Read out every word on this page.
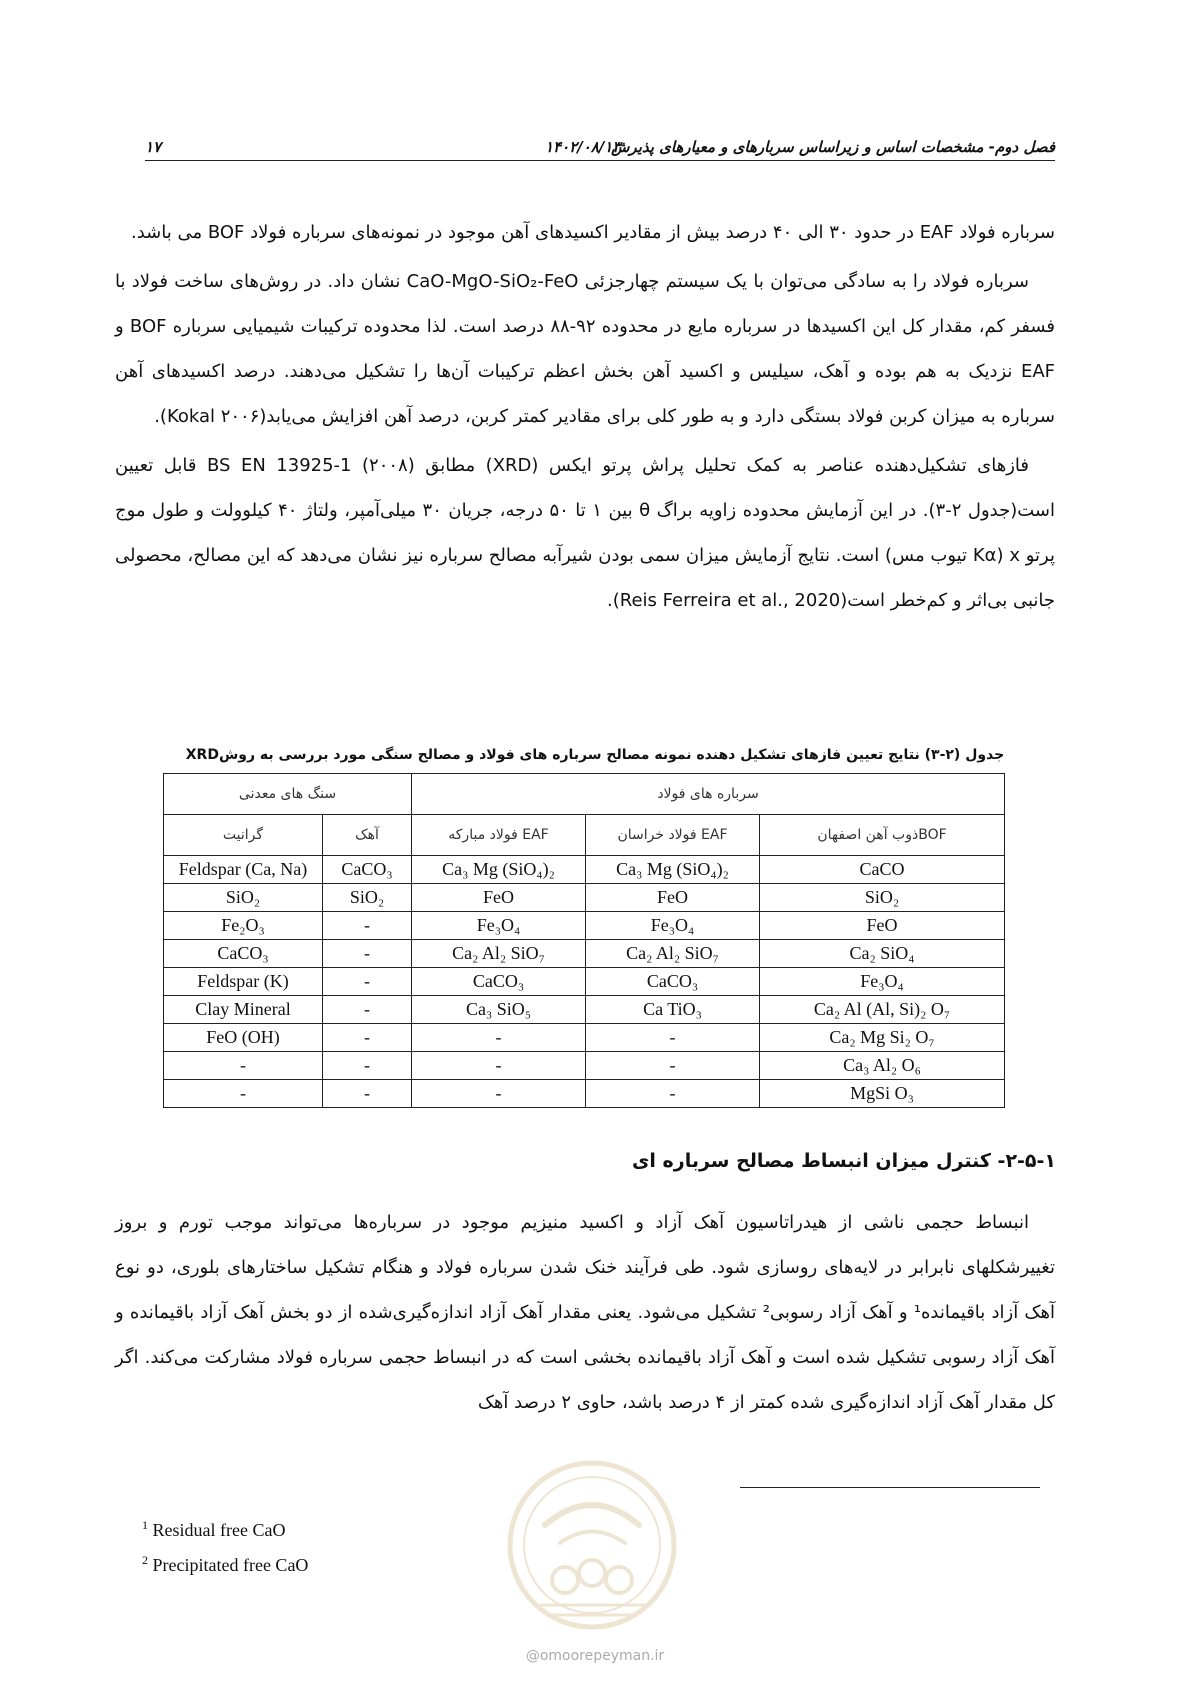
فصل دوم- مشخصات اساس و زیراساس سربارهای و معیارهای پذیرش
۱۴۰۲/۰۸/۱۳
۱۷

سرباره فولاد EAF در حدود ۳۰ الی ۴۰ درصد بیش از مقادیر اکسیدهای آهن موجود در نمونه‌های سرباره فولاد BOF می باشد.

سرباره فولاد را به سادگی می‌توان با یک سیستم چهارجزئی CaO-MgO-SiO₂-FeO نشان داد. در روش‌های ساخت فولاد با فسفر کم، مقدار کل این اکسیدها در سرباره مایع در محدوده ۹۲-۸۸ درصد است. لذا محدوده ترکیبات شیمیایی سرباره BOF و EAF نزدیک به هم بوده و آهک، سیلیس و اکسید آهن بخش اعظم ترکیبات آن‌ها را تشکیل می‌دهند. درصد اکسیدهای آهن سرباره به میزان کربن فولاد بستگی دارد و به طور کلی برای مقادیر کمتر کربن، درصد آهن افزایش می‌یابد(Kokal ۲۰۰۶).

فازهای تشکیل‌دهنده عناصر به کمک تحلیل پراش پرتو ایکس (XRD) مطابق BS EN 13925-1 (۲۰۰۸) قابل تعیین است(جدول ۲-۳). در این آزمایش محدوده زاویه براگ θ بین ۱ تا ۵۰ درجه، جریان ۳۰ میلی‌آمپر، ولتاژ ۴۰ کیلوولت و طول موج پرتو x (Kα تیوب مس) است. نتایج آزمایش میزان سمی بودن شیرآبه مصالح سرباره نیز نشان می‌دهد که این مصالح، محصولی جانبی بی‌اثر و کم‌خطر است(Reis Ferreira et al., 2020).

جدول (۲-۳) نتایج تعیین فازهای تشکیل دهنده نمونه مصالح سرباره های فولاد و مصالح سنگی مورد بررسی به روشXRD
سنگ های معدنی		سرباره های فولاد		
گرانیت	آهک	EAF فولاد مبارکه	EAF فولاد خراسان	BOFذوب آهن اصفهان
Feldspar (Ca, Na)	CaCO₃	Ca₃ Mg (SiO₄)₂	Ca₃ Mg (SiO₄)₂	CaCO
SiO₂	SiO₂	FeO	FeO	SiO₂
Fe₂O₃	-	Fe₃O₄	Fe₃O₄	FeO
CaCO₃	-	Ca₂ Al₂ SiO₇	Ca₂ Al₂ SiO₇	Ca₂ SiO₄
Feldspar (K)	-	CaCO₃	CaCO₃	Fe₃O₄
Clay Mineral	-	Ca₃ SiO₅	Ca TiO₃	Ca₂ Al (Al, Si)₂ O₇
FeO (OH)	-	-	-	Ca₂ Mg Si₂ O₇
-	-	-	-	Ca₃ Al₂ O₆
-	-	-	-	MgSi O₃
۲-۵-۱- کنترل میزان انبساط مصالح سرباره ای

انبساط حجمی ناشی از هیدراتاسیون آهک آزاد و اکسید منیزیم موجود در سرباره‌ها می‌تواند موجب تورم و بروز تغییرشکلهای نابرابر در لایه‌های روسازی شود. طی فرآیند خنک شدن سرباره فولاد و هنگام تشکیل ساختارهای بلوری، دو نوع آهک آزاد باقیمانده¹ و آهک آزاد رسوبی² تشکیل می‌شود. یعنی مقدار آهک آزاد اندازه‌گیری‌شده از دو بخش آهک آزاد باقیمانده و آهک آزاد رسوبی تشکیل شده است و آهک آزاد باقیمانده بخشی است که در انبساط حجمی سرباره فولاد مشارکت می‌کند. اگر کل مقدار آهک آزاد اندازه‌گیری شده کمتر از ۴ درصد باشد، حاوی ۲ درصد آهک

$^1$ Residual free CaO
$^2$ Precipitated free CaO
@omoorepeyman.ir
